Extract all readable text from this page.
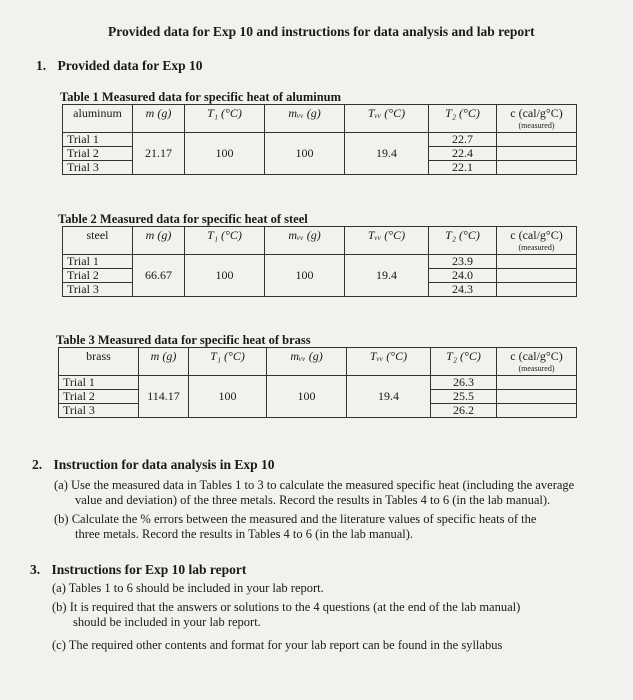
Provided data for Exp 10 and instructions for data analysis and lab report
1. Provided data for Exp 10
Table 1 Measured data for specific heat of aluminum
aluminum	m (g)	T₁ (°C)	mᵥᵥ (g)	Tᵥᵥ (°C)	T₂ (°C)	c (cal/g°C)
(measured)

Trial 1	21.17	100	100	19.4	22.7	
Trial 2					22.4	
Trial 3					22.1	
Table 2 Measured data for specific heat of steel
steel	m (g)	T₁ (°C)	mᵥᵥ (g)	Tᵥᵥ (°C)	T₂ (°C)	c (cal/g°C)
(measured)

Trial 1	66.67	100	100	19.4	23.9	
Trial 2					24.0	
Trial 3					24.3	
Table 3 Measured data for specific heat of brass
brass	m (g)	T₁ (°C)	mᵥᵥ (g)	Tᵥᵥ (°C)	T₂ (°C)	c (cal/g°C)
(measured)

Trial 1	114.17	100	100	19.4	26.3	
Trial 2					25.5	
Trial 3					26.2	
2. Instruction for data analysis in Exp 10
(a) Use the measured data in Tables 1 to 3 to calculate the measured specific heat (including the average
value and deviation) of the three metals. Record the results in Tables 4 to 6 (in the lab manual).
(b) Calculate the % errors between the measured and the literature values of specific heats of the
three metals. Record the results in Tables 4 to 6 (in the lab manual).
3. Instructions for Exp 10 lab report
(a) Tables 1 to 6 should be included in your lab report.
(b) It is required that the answers or solutions to the 4 questions (at the end of the lab manual)
should be included in your lab report.
(c) The required other contents and format for your lab report can be found in the syllabus
